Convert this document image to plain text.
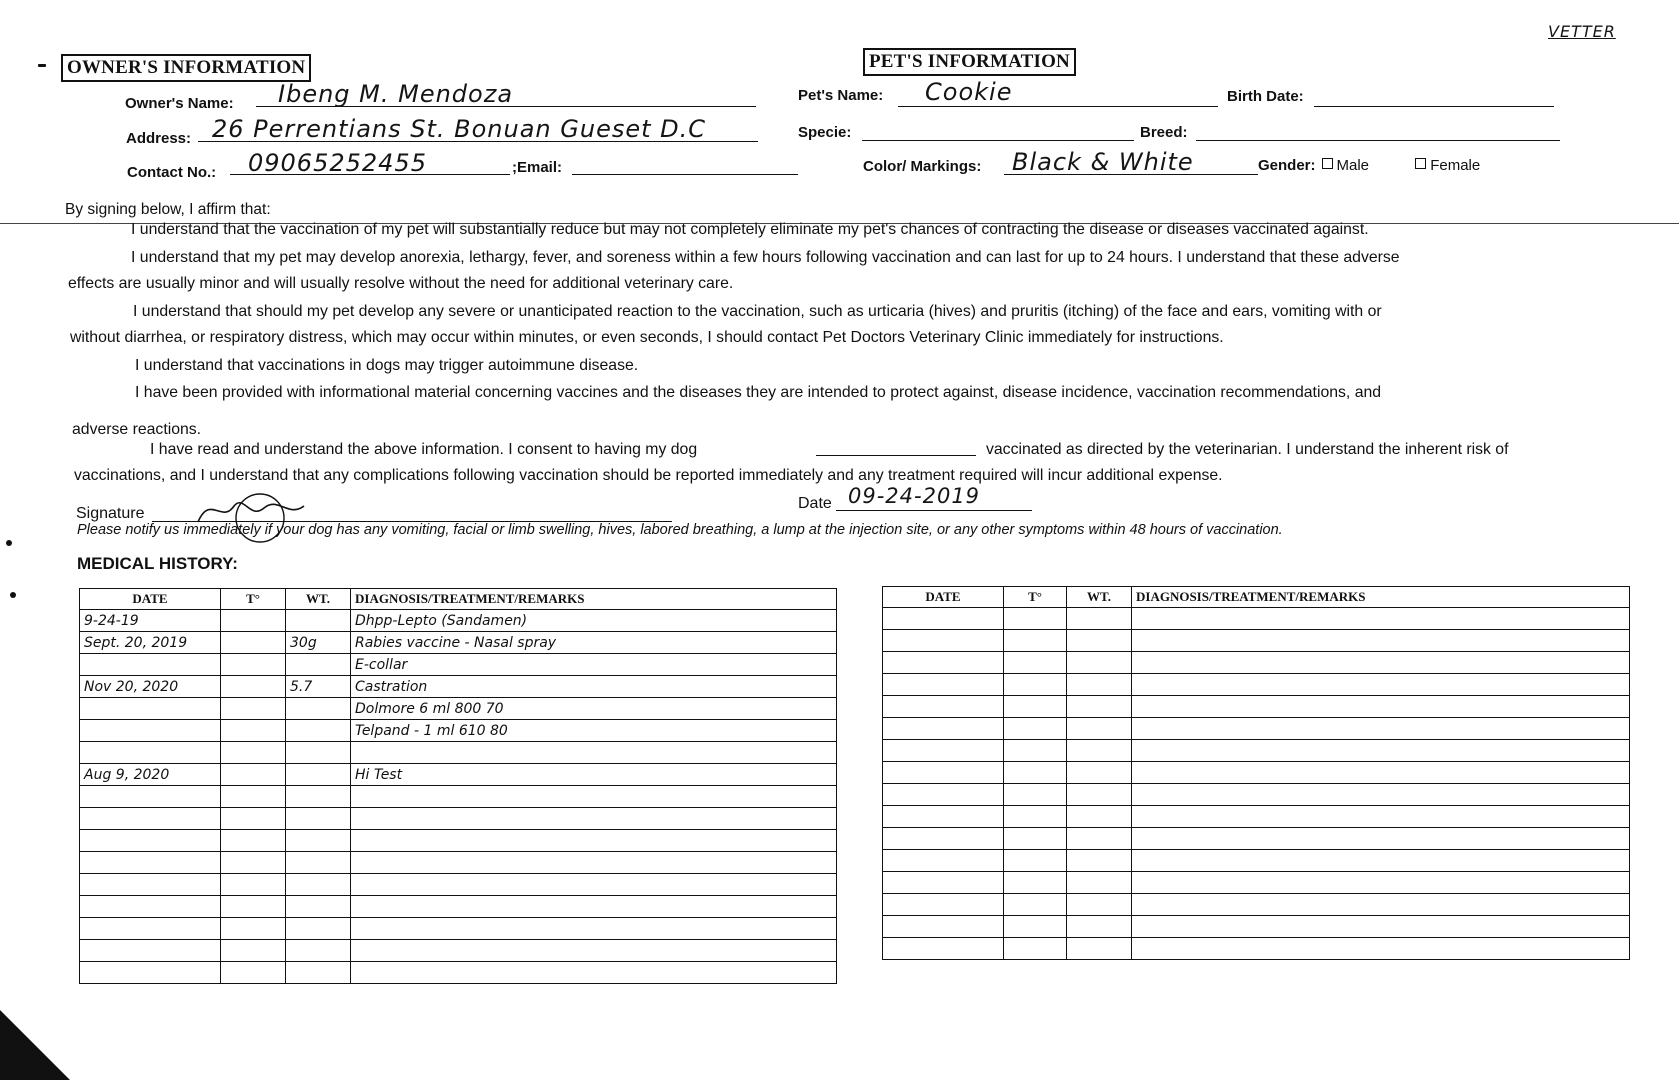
VETTER
OWNER'S INFORMATION
Owner's Name: Ibeng M. Mendoza
Address: 26 Perrentians St. Bonuan Gueset D.C
Contact No.: 09065252455	;Email:
PET'S INFORMATION
Pet's Name: Cookie	Birth Date:
Specie:	Breed:
Color/ Markings: Black & White	Gender: Male	Female
By signing below, I affirm that:
I understand that the vaccination of my pet will substantially reduce but may not completely eliminate my pet's chances of contracting the disease or diseases vaccinated against.
I understand that my pet may develop anorexia, lethargy, fever, and soreness within a few hours following vaccination and can last for up to 24 hours. I understand that these adverse
effects are usually minor and will usually resolve without the need for additional veterinary care.
I understand that should my pet develop any severe or unanticipated reaction to the vaccination, such as urticaria (hives) and pruritis (itching) of the face and ears, vomiting with or
without diarrhea, or respiratory distress, which may occur within minutes, or even seconds, I should contact Pet Doctors Veterinary Clinic immediately for instructions.
I understand that vaccinations in dogs may trigger autoimmune disease.
I have been provided with informational material concerning vaccines and the diseases they are intended to protect against, disease incidence, vaccination recommendations, and
adverse reactions.
I have read and understand the above information. I consent to having my dog	vaccinated as directed by the veterinarian. I understand the inherent risk of
vaccinations, and I understand that any complications following vaccination should be reported immediately and any treatment required will incur additional expense.
Signature
Date 09-24-2019
Please notify us immediately if your dog has any vomiting, facial or limb swelling, hives, labored breathing, a lump at the injection site, or any other symptoms within 48 hours of vaccination.
MEDICAL HISTORY:
DATE	T°	WT.	DIAGNOSIS/TREATMENT/REMARKS
9-24-19			Dhpp-Lepto (Sandamen)
Sept. 20, 2019		30g	Rabies vaccine - Nasal spray
			E-collar
Nov 20, 2020		5.7	Castration
			Dolmore 6 ml 800 70
			Telpand - 1 ml 610 80

Aug 9, 2020			Hi Test

DATE	T°	WT.	DIAGNOSIS/TREATMENT/REMARKS
